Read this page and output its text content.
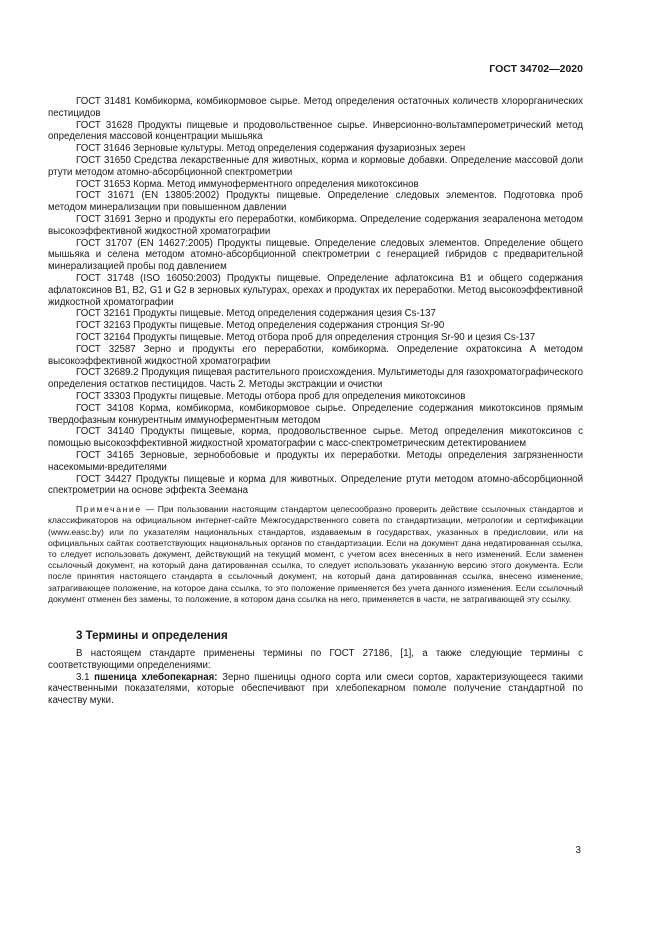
ГОСТ 34702—2020

ГОСТ 31481 Комбикорма, комбикормовое сырье. Метод определения остаточных количеств хлорорганических пестицидов

ГОСТ 31628 Продукты пищевые и продовольственное сырье. Инверсионно-вольтамперометрический метод определения массовой концентрации мышьяка

ГОСТ 31646 Зерновые культуры. Метод определения содержания фузариозных зерен

ГОСТ 31650 Средства лекарственные для животных, корма и кормовые добавки. Определение массовой доли ртути методом атомно-абсорбционной спектрометрии

ГОСТ 31653 Корма. Метод иммуноферментного определения микотоксинов

ГОСТ 31671 (EN 13805:2002) Продукты пищевые. Определение следовых элементов. Подготовка проб методом минерализации при повышенном давлении

ГОСТ 31691 Зерно и продукты его переработки, комбикорма. Определение содержания зеараленона методом высокоэффективной жидкостной хроматографии

ГОСТ 31707 (EN 14627:2005) Продукты пищевые. Определение следовых элементов. Определение общего мышьяка и селена методом атомно-абсорбционной спектрометрии с генерацией гибридов с предварительной минерализацией пробы под давлением

ГОСТ 31748 (ISO 16050:2003) Продукты пищевые. Определение афлатоксина В1 и общего содержания афлатоксинов В1, В2, G1 и G2 в зерновых культурах, орехах и продуктах их переработки. Метод высокоэффективной жидкостной хроматографии

ГОСТ 32161 Продукты пищевые. Метод определения содержания цезия Cs-137

ГОСТ 32163 Продукты пищевые. Метод определения содержания стронция Sr-90

ГОСТ 32164 Продукты пищевые. Метод отбора проб для определения стронция Sr-90 и цезия Cs-137

ГОСТ 32587 Зерно и продукты его переработки, комбикорма. Определение охратоксина А методом высокоэффективной жидкостной хроматографии

ГОСТ 32689.2 Продукция пищевая растительного происхождения. Мультиметоды для газохроматографического определения остатков пестицидов. Часть 2. Методы экстракции и очистки

ГОСТ 33303 Продукты пищевые. Методы отбора проб для определения микотоксинов

ГОСТ 34108 Корма, комбикорма, комбикормовое сырье. Определение содержания микотоксинов прямым твердофазным конкурентным иммуноферментным методом

ГОСТ 34140 Продукты пищевые, корма, продовольственное сырье. Метод определения микотоксинов с помощью высокоэффективной жидкостной хроматографии с масс-спектрометрическим детектированием

ГОСТ 34165 Зерновые, зернобобовые и продукты их переработки. Методы определения загрязненности насекомыми-вредителями

ГОСТ 34427 Продукты пищевые и корма для животных. Определение ртути методом атомно-абсорбционной спектрометрии на основе эффекта Зеемана

Примечание — При пользовании настоящим стандартом целесообразно проверить действие ссылочных стандартов и классификаторов на официальном интернет-сайте Межгосударственного совета по стандартизации, метрологии и сертификации (www.easc.by) или по указателям национальных стандартов, издаваемым в государствах, указанных в предисловии, или на официальных сайтах соответствующих национальных органов по стандартизации. Если на документ дана недатированная ссылка, то следует использовать документ, действующий на текущий момент, с учетом всех внесенных в него изменений. Если заменен ссылочный документ, на который дана датированная ссылка, то следует использовать указанную версию этого документа. Если после принятия настоящего стандарта в ссылочный документ, на который дана датированная ссылка, внесено изменение, затрагивающее положение, на которое дана ссылка, то это положение применяется без учета данного изменения. Если ссылочный документ отменен без замены, то положение, в котором дана ссылка на него, применяется в части, не затрагивающей эту ссылку.

3 Термины и определения

В настоящем стандарте применены термины по ГОСТ 27186, [1], а также следующие термины с соответствующими определениями:

3.1 пшеница хлебопекарная: Зерно пшеницы одного сорта или смеси сортов, характеризующееся такими качественными показателями, которые обеспечивают при хлебопекарном помоле получение стандартной по качеству муки.

3
